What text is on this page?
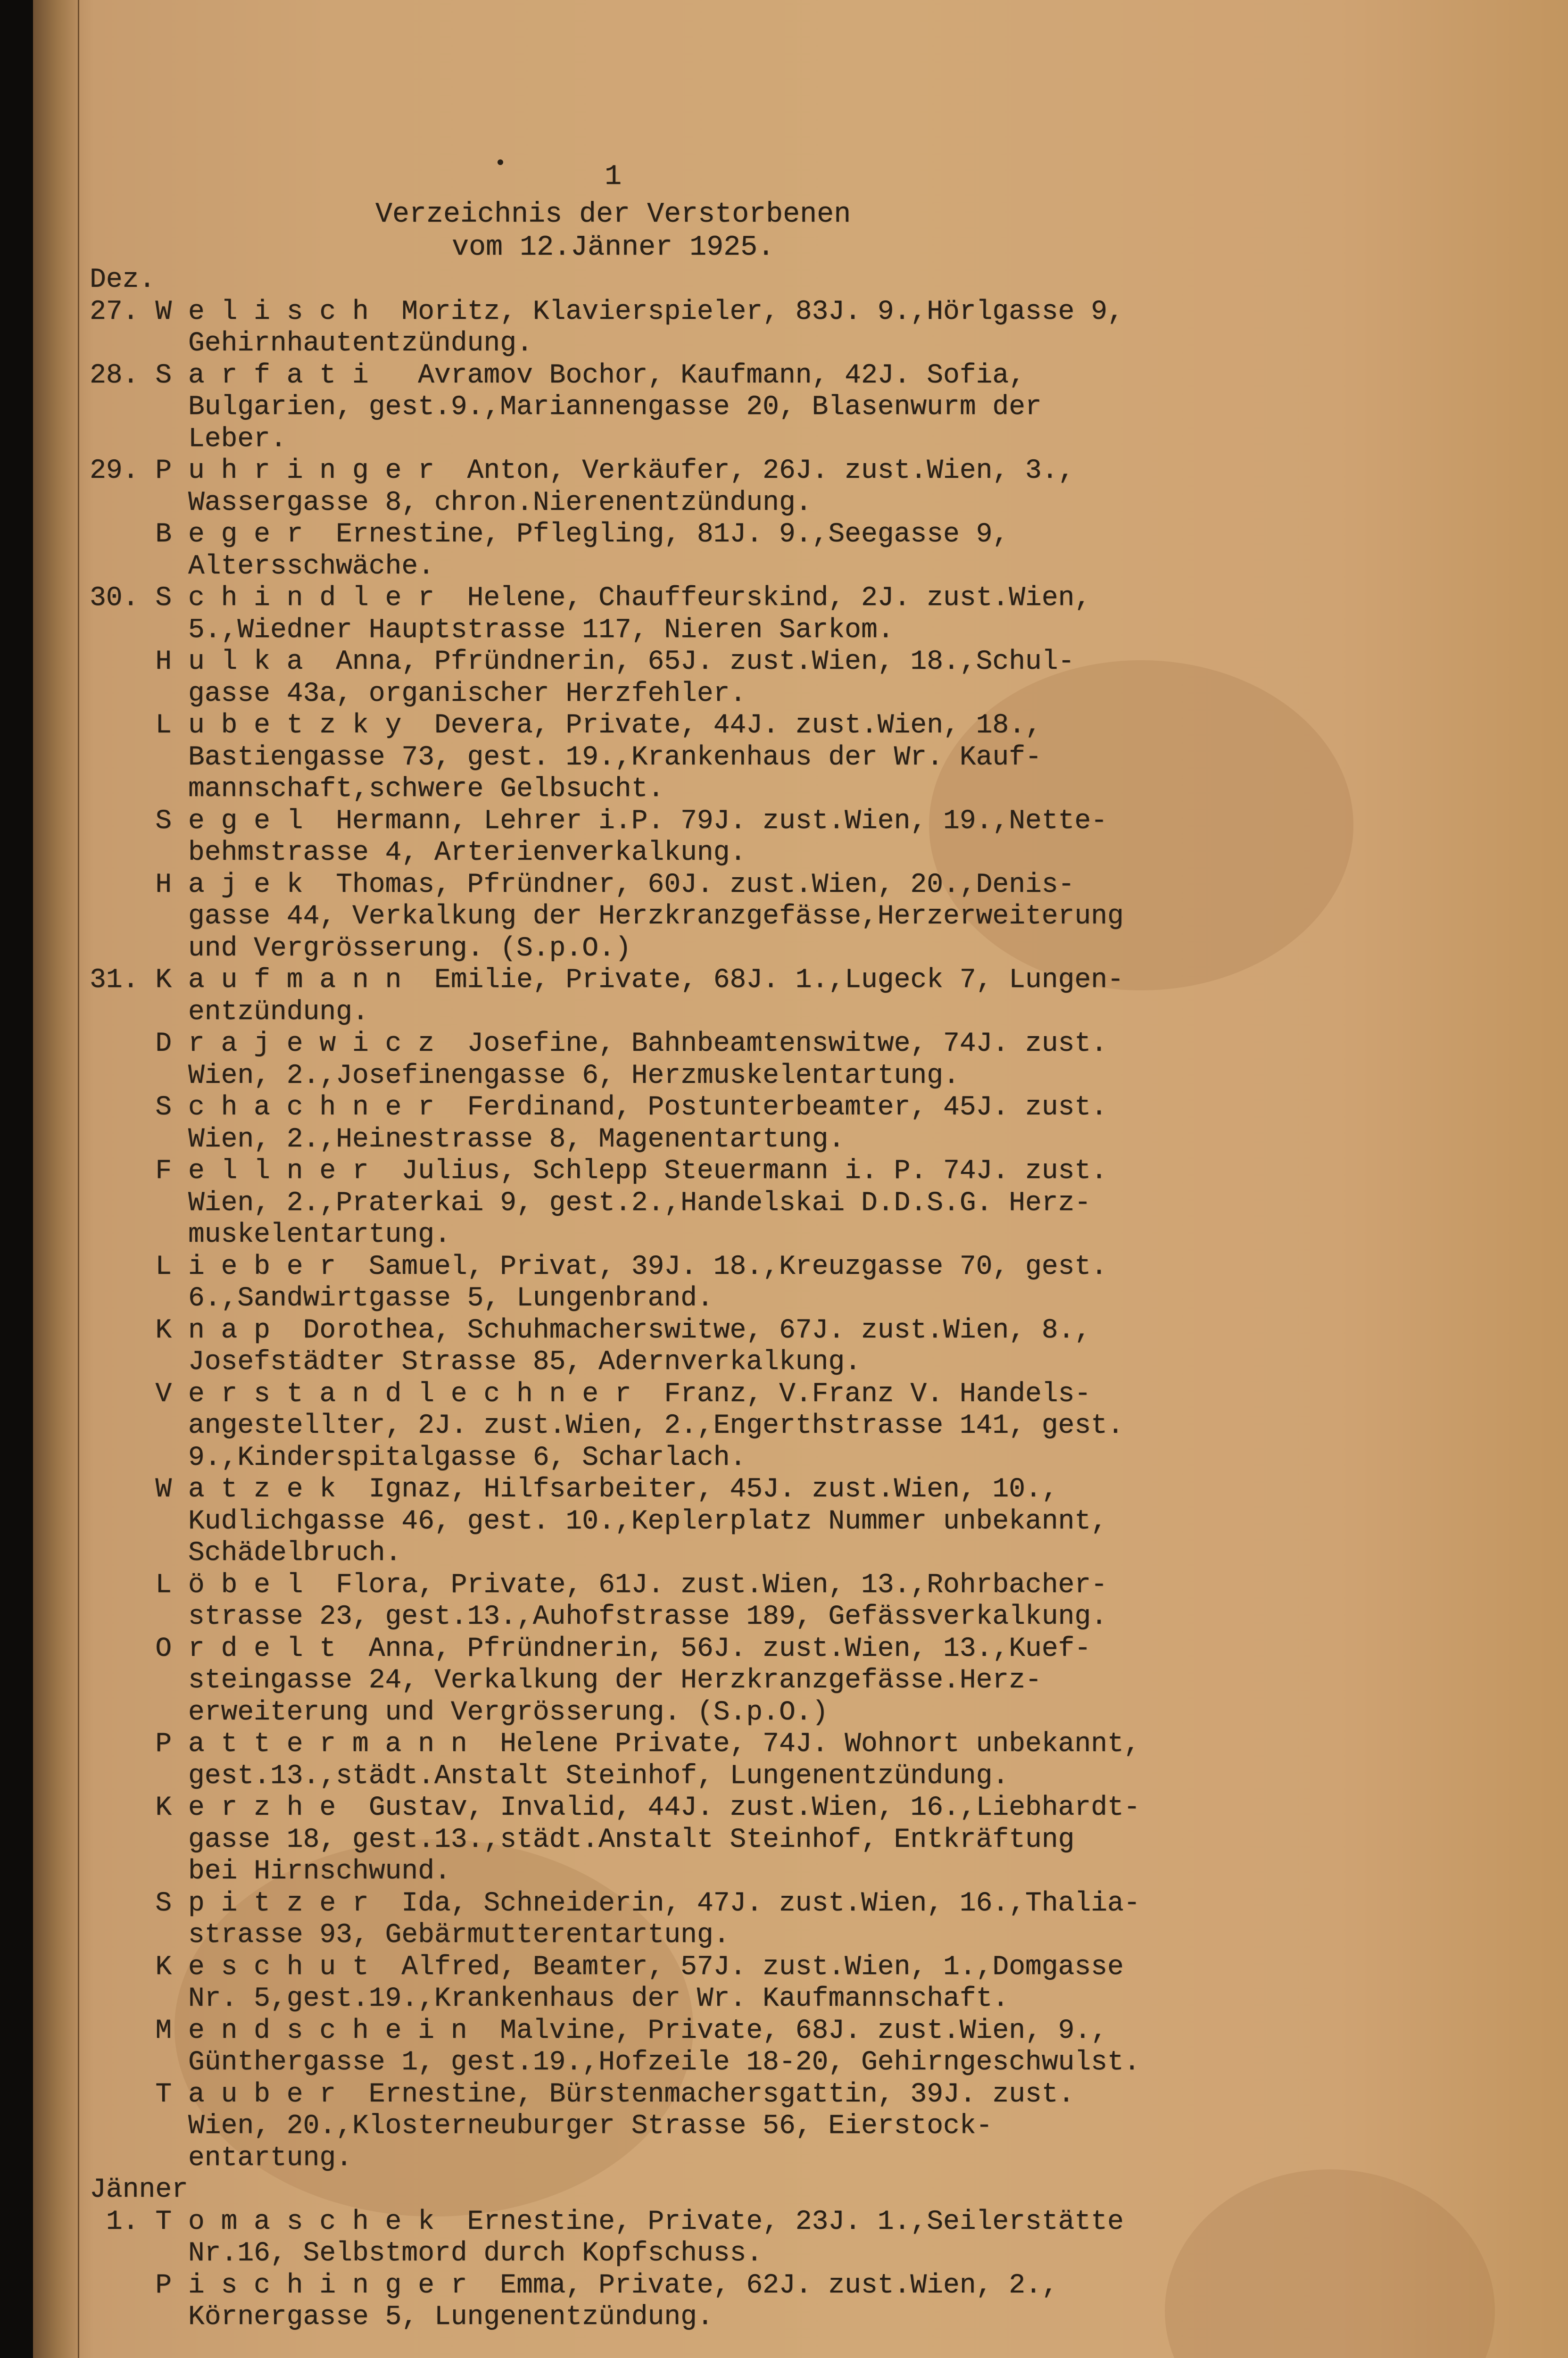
1
Verzeichnis der Verstorbenen
vom 12.Jänner 1925.
Dez.
27. W e l i s c h  Moritz, Klavierspieler, 83J. 9.,Hörlgasse 9,
Gehirnhautentzündung.
28. S a r f a t i   Avramov Bochor, Kaufmann, 42J. Sofia,
Bulgarien, gest.9.,Mariannengasse 20, Blasenwurm der
Leber.
29. P u h r i n g e r  Anton, Verkäufer, 26J. zust.Wien, 3.,
Wassergasse 8, chron.Nierenentzündung.
B e g e r  Ernestine, Pflegling, 81J. 9.,Seegasse 9,
Altersschwäche.
30. S c h i n d l e r  Helene, Chauffeurskind, 2J. zust.Wien,
5.,Wiedner Hauptstrasse 117, Nieren Sarkom.
H u l k a  Anna, Pfründnerin, 65J. zust.Wien, 18.,Schul-
gasse 43a, organischer Herzfehler.
L u b e t z k y  Devera, Private, 44J. zust.Wien, 18.,
Bastiengasse 73, gest. 19.,Krankenhaus der Wr. Kauf-
mannschaft,schwere Gelbsucht.
S e g e l  Hermann, Lehrer i.P. 79J. zust.Wien, 19.,Nette-
behmstrasse 4, Arterienverkalkung.
H a j e k  Thomas, Pfründner, 60J. zust.Wien, 20.,Denis-
gasse 44, Verkalkung der Herzkranzgefässe,Herzerweiterung
und Vergrösserung. (S.p.O.)
31. K a u f m a n n  Emilie, Private, 68J. 1.,Lugeck 7, Lungen-
entzündung.
D r a j e w i c z  Josefine, Bahnbeamtenswitwe, 74J. zust.
Wien, 2.,Josefinengasse 6, Herzmuskelentartung.
S c h a c h n e r  Ferdinand, Postunterbeamter, 45J. zust.
Wien, 2.,Heinestrasse 8, Magenentartung.
F e l l n e r  Julius, Schlepp Steuermann i. P. 74J. zust.
Wien, 2.,Praterkai 9, gest.2.,Handelskai D.D.S.G. Herz-
muskelentartung.
L i e b e r  Samuel, Privat, 39J. 18.,Kreuzgasse 70, gest.
6.,Sandwirtgasse 5, Lungenbrand.
K n a p  Dorothea, Schuhmacherswitwe, 67J. zust.Wien, 8.,
Josefstädter Strasse 85, Adernverkalkung.
V e r s t a n d l e c h n e r  Franz, V.Franz V. Handels-
angestellter, 2J. zust.Wien, 2.,Engerthstrasse 141, gest.
9.,Kinderspitalgasse 6, Scharlach.
W a t z e k  Ignaz, Hilfsarbeiter, 45J. zust.Wien, 10.,
Kudlichgasse 46, gest. 10.,Keplerplatz Nummer unbekannt,
Schädelbruch.
L ö b e l  Flora, Private, 61J. zust.Wien, 13.,Rohrbacher-
strasse 23, gest.13.,Auhofstrasse 189, Gefässverkalkung.
O r d e l t  Anna, Pfründnerin, 56J. zust.Wien, 13.,Kuef-
steingasse 24, Verkalkung der Herzkranzgefässe.Herz-
erweiterung und Vergrösserung. (S.p.O.)
P a t t e r m a n n  Helene Private, 74J. Wohnort unbekannt,
gest.13.,städt.Anstalt Steinhof, Lungenentzündung.
K e r z h e  Gustav, Invalid, 44J. zust.Wien, 16.,Liebhardt-
gasse 18, gest.13.,städt.Anstalt Steinhof, Entkräftung
bei Hirnschwund.
S p i t z e r  Ida, Schneiderin, 47J. zust.Wien, 16.,Thalia-
strasse 93, Gebärmutterentartung.
K e s c h u t  Alfred, Beamter, 57J. zust.Wien, 1.,Domgasse
Nr. 5,gest.19.,Krankenhaus der Wr. Kaufmannschaft.
M e n d s c h e i n  Malvine, Private, 68J. zust.Wien, 9.,
Günthergasse 1, gest.19.,Hofzeile 18-20, Gehirngeschwulst.
T a u b e r  Ernestine, Bürstenmachersgattin, 39J. zust.
Wien, 20.,Klosterneuburger Strasse 56, Eierstock-
entartung.
Jänner
1. T o m a s c h e k  Ernestine, Private, 23J. 1.,Seilerstätte
Nr.16, Selbstmord durch Kopfschuss.
P i s c h i n g e r  Emma, Private, 62J. zust.Wien, 2.,
Körnergasse 5, Lungenentzündung.
